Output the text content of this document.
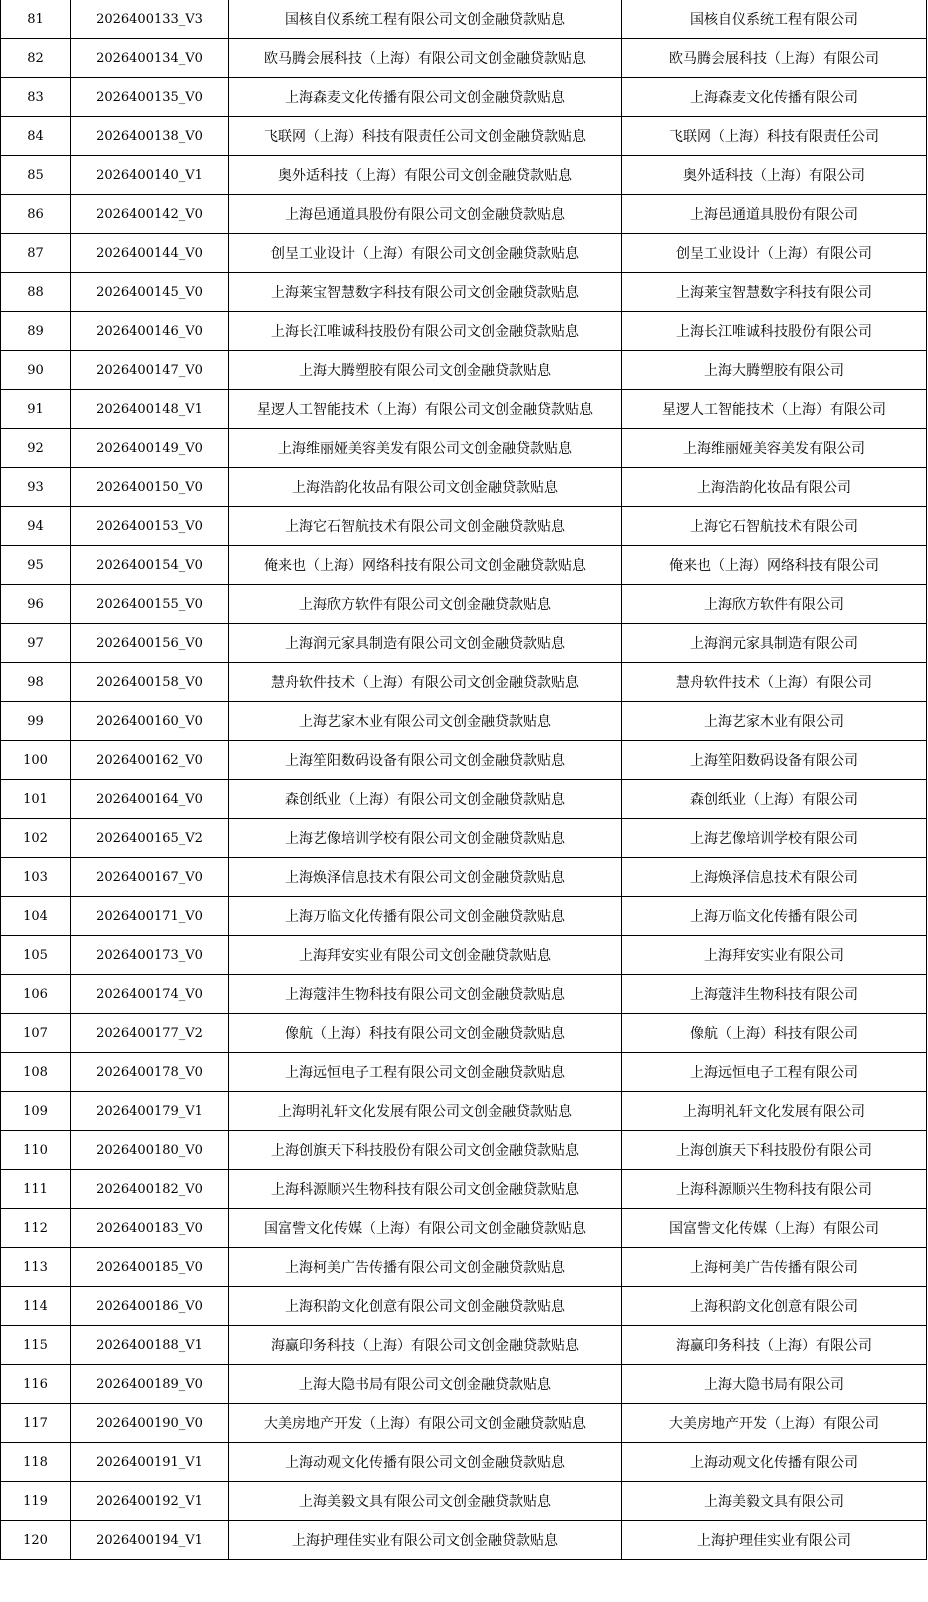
81	2026400133_V3	国核自仪系统工程有限公司文创金融贷款贴息	国核自仪系统工程有限公司
82	2026400134_V0	欧马腾会展科技（上海）有限公司文创金融贷款贴息	欧马腾会展科技（上海）有限公司
83	2026400135_V0	上海森麦文化传播有限公司文创金融贷款贴息	上海森麦文化传播有限公司
84	2026400138_V0	飞联网（上海）科技有限责任公司文创金融贷款贴息	飞联网（上海）科技有限责任公司
85	2026400140_V1	奥外适科技（上海）有限公司文创金融贷款贴息	奥外适科技（上海）有限公司
86	2026400142_V0	上海邑通道具股份有限公司文创金融贷款贴息	上海邑通道具股份有限公司
87	2026400144_V0	创呈工业设计（上海）有限公司文创金融贷款贴息	创呈工业设计（上海）有限公司
88	2026400145_V0	上海莱宝智慧数字科技有限公司文创金融贷款贴息	上海莱宝智慧数字科技有限公司
89	2026400146_V0	上海长江唯诚科技股份有限公司文创金融贷款贴息	上海长江唯诚科技股份有限公司
90	2026400147_V0	上海大腾塑胶有限公司文创金融贷款贴息	上海大腾塑胶有限公司
91	2026400148_V1	星逻人工智能技术（上海）有限公司文创金融贷款贴息	星逻人工智能技术（上海）有限公司
92	2026400149_V0	上海维丽娅美容美发有限公司文创金融贷款贴息	上海维丽娅美容美发有限公司
93	2026400150_V0	上海浩韵化妆品有限公司文创金融贷款贴息	上海浩韵化妆品有限公司
94	2026400153_V0	上海它石智航技术有限公司文创金融贷款贴息	上海它石智航技术有限公司
95	2026400154_V0	俺来也（上海）网络科技有限公司文创金融贷款贴息	俺来也（上海）网络科技有限公司
96	2026400155_V0	上海欣方软件有限公司文创金融贷款贴息	上海欣方软件有限公司
97	2026400156_V0	上海润元家具制造有限公司文创金融贷款贴息	上海润元家具制造有限公司
98	2026400158_V0	慧舟软件技术（上海）有限公司文创金融贷款贴息	慧舟软件技术（上海）有限公司
99	2026400160_V0	上海艺家木业有限公司文创金融贷款贴息	上海艺家木业有限公司
100	2026400162_V0	上海笙阳数码设备有限公司文创金融贷款贴息	上海笙阳数码设备有限公司
101	2026400164_V0	森创纸业（上海）有限公司文创金融贷款贴息	森创纸业（上海）有限公司
102	2026400165_V2	上海艺像培训学校有限公司文创金融贷款贴息	上海艺像培训学校有限公司
103	2026400167_V0	上海焕泽信息技术有限公司文创金融贷款贴息	上海焕泽信息技术有限公司
104	2026400171_V0	上海万临文化传播有限公司文创金融贷款贴息	上海万临文化传播有限公司
105	2026400173_V0	上海拜安实业有限公司文创金融贷款贴息	上海拜安实业有限公司
106	2026400174_V0	上海蔻沣生物科技有限公司文创金融贷款贴息	上海蔻沣生物科技有限公司
107	2026400177_V2	像航（上海）科技有限公司文创金融贷款贴息	像航（上海）科技有限公司
108	2026400178_V0	上海远恒电子工程有限公司文创金融贷款贴息	上海远恒电子工程有限公司
109	2026400179_V1	上海明礼轩文化发展有限公司文创金融贷款贴息	上海明礼轩文化发展有限公司
110	2026400180_V0	上海创旗天下科技股份有限公司文创金融贷款贴息	上海创旗天下科技股份有限公司
111	2026400182_V0	上海科源顺兴生物科技有限公司文创金融贷款贴息	上海科源顺兴生物科技有限公司
112	2026400183_V0	国富訾文化传媒（上海）有限公司文创金融贷款贴息	国富訾文化传媒（上海）有限公司
113	2026400185_V0	上海柯美广告传播有限公司文创金融贷款贴息	上海柯美广告传播有限公司
114	2026400186_V0	上海积韵文化创意有限公司文创金融贷款贴息	上海积韵文化创意有限公司
115	2026400188_V1	海赢印务科技（上海）有限公司文创金融贷款贴息	海赢印务科技（上海）有限公司
116	2026400189_V0	上海大隐书局有限公司文创金融贷款贴息	上海大隐书局有限公司
117	2026400190_V0	大美房地产开发（上海）有限公司文创金融贷款贴息	大美房地产开发（上海）有限公司
118	2026400191_V1	上海动观文化传播有限公司文创金融贷款贴息	上海动观文化传播有限公司
119	2026400192_V1	上海美毅文具有限公司文创金融贷款贴息	上海美毅文具有限公司
120	2026400194_V1	上海护理佳实业有限公司文创金融贷款贴息	上海护理佳实业有限公司
